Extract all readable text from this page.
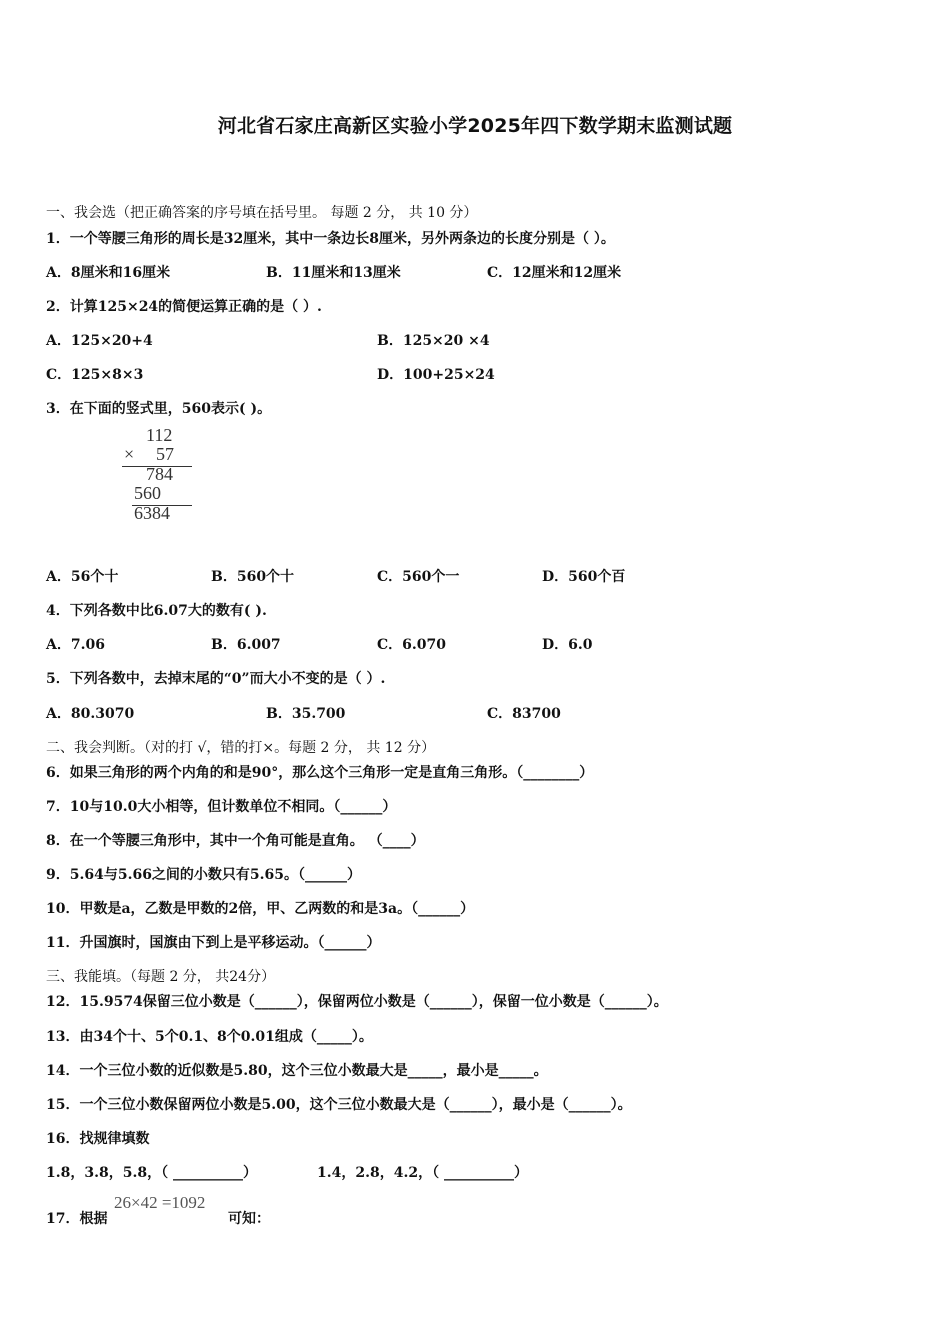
河北省石家庄高新区实验小学2025年四下数学期末监测试题
一、我会选（把正确答案的序号填在括号里。 每题 2 分， 共 10 分）
1．一个等腰三角形的周长是32厘米，其中一条边长8厘米，另外两条边的长度分别是（ ）。
A．8厘米和16厘米	B．11厘米和13厘米	C．12厘米和12厘米
2．计算125×24的简便运算正确的是（ ）.
A．125×20+4	B．125×20 ×4
C．125×8×3	D．100+25×24
3．在下面的竖式里，560表示( )。
112
× 57
784
560
6384
A．56个十	B．560个十	C．560个一	D．560个百
4．下列各数中比6.07大的数有( ).
A．7.06	B．6.007	C．6.070	D．6.0
5．下列各数中，去掉末尾的“0”而大小不变的是（ ）.
A．80.3070	B．35.700	C．83700
二、我会判断。（对的打 √，错的打×。每题 2 分， 共 12 分）
6．如果三角形的两个内角的和是90°，那么这个三角形一定是直角三角形。（________）
7．10与10.0大小相等，但计数单位不相同。（______）
8．在一个等腰三角形中，其中一个角可能是直角。 （____）
9．5.64与5.66之间的小数只有5.65。（______）
10．甲数是a，乙数是甲数的2倍，甲、乙两数的和是3a。（______）
11．升国旗时，国旗由下到上是平移运动。（______）
三、我能填。（每题 2 分， 共24分）
12．15.9574保留三位小数是（______），保留两位小数是（______），保留一位小数是（______）。
13．由34个十、5个0.1、8个0.01组成（_____）。
14．一个三位小数的近似数是5.80，这个三位小数最大是_____，最小是_____。
15．一个三位小数保留两位小数是5.00，这个三位小数最大是（______），最小是（______）。
16．找规律填数
1.8，3.8，5.8，（ __________）	1.4，2.8，4.2，（ __________）
17．根据
26×42 =1092
可知：
